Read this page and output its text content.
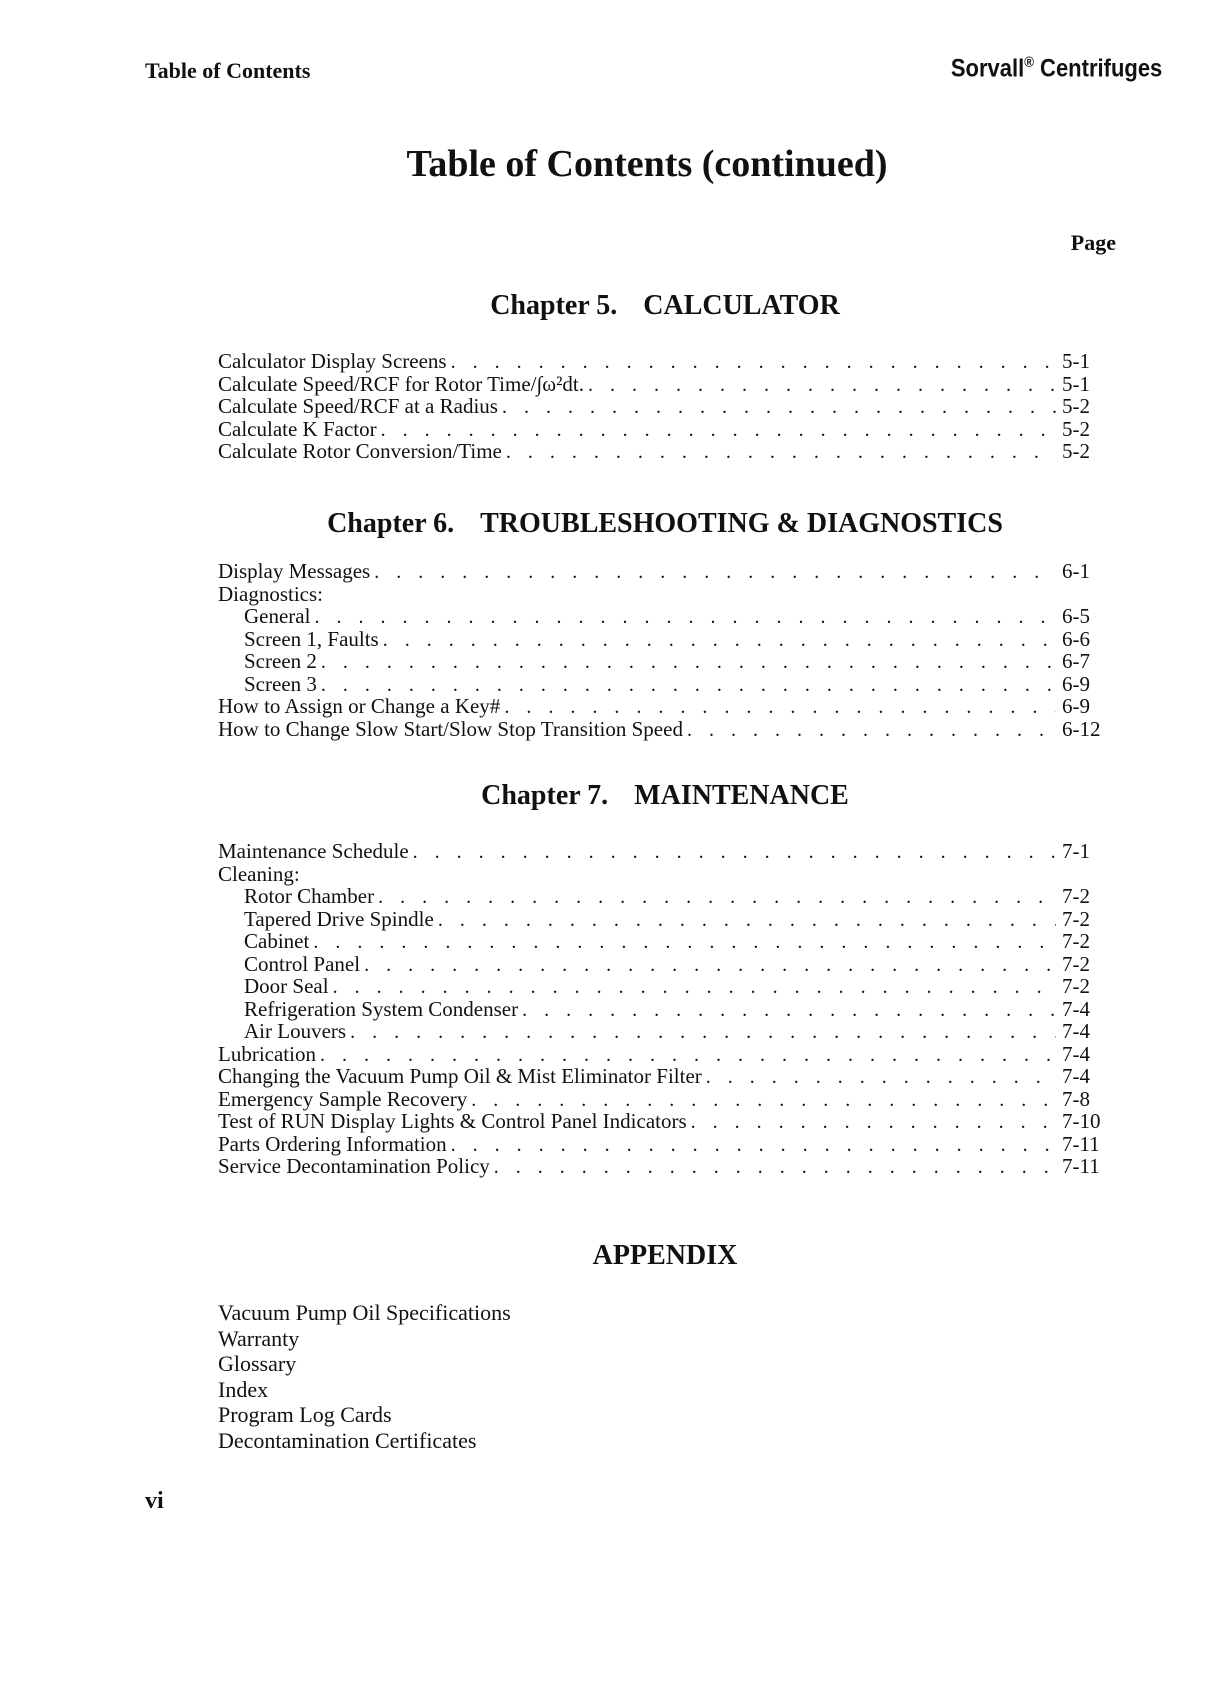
Table of Contents	Sorvall® Centrifuges
Table of Contents (continued)
Page
Chapter 5. CALCULATOR
Calculator Display Screens . . .	5-1
Calculate Speed/RCF for Rotor Time/∫ω²dt. . . .	5-1
Calculate Speed/RCF at a Radius . . .	5-2
Calculate K Factor . . .	5-2
Calculate Rotor Conversion/Time . . .	5-2
Chapter 6. TROUBLESHOOTING & DIAGNOSTICS
Display Messages . . .	6-1
Diagnostics:
General . . .	6-5
Screen 1, Faults . . .	6-6
Screen 2 . . .	6-7
Screen 3 . . .	6-9
How to Assign or Change a Key# . . .	6-9
How to Change Slow Start/Slow Stop Transition Speed . . .	6-12
Chapter 7. MAINTENANCE
Maintenance Schedule . . .	7-1
Cleaning:
Rotor Chamber . . .	7-2
Tapered Drive Spindle . . .	7-2
Cabinet . . .	7-2
Control Panel . . .	7-2
Door Seal . . .	7-2
Refrigeration System Condenser . . .	7-4
Air Louvers . . .	7-4
Lubrication . . .	7-4
Changing the Vacuum Pump Oil & Mist Eliminator Filter . . .	7-4
Emergency Sample Recovery . . .	7-8
Test of RUN Display Lights & Control Panel Indicators . . .	7-10
Parts Ordering Information . . .	7-11
Service Decontamination Policy . . .	7-11
APPENDIX
Vacuum Pump Oil Specifications
Warranty
Glossary
Index
Program Log Cards
Decontamination Certificates
vi
